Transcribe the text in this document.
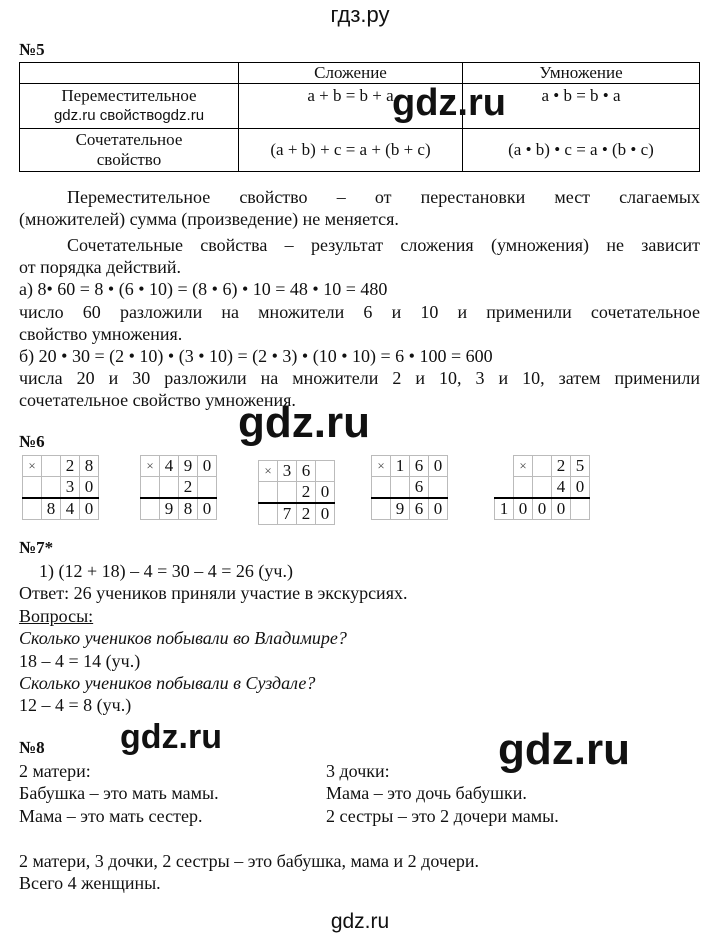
гдз.ру
№5
	Сложение	Умножение

Переместительное
gdz.ru свойствоgdz.ru	a + b = b + a	a • b = b • a

Сочетательное
свойство	(a + b) + c = a + (b + c)	(a • b) • c = a • (b • c)
gdz.ru
Переместительное свойство – от перестановки мест слагаемых
(множителей) сумма (произведение) не меняется.
Сочетательные свойства – результат сложения (умножения) не зависит
от порядка действий.
а) 8• 60 = 8 • (6 • 10) = (8 • 6) • 10 = 48 • 10 = 480
число 60 разложили на множители 6 и 10 и применили сочетательное
свойство умножения.
б) 20 • 30 = (2 • 10) • (3 • 10) = (2 • 3) • (10 • 10) = 6 • 100 = 600
числа 20 и 30 разложили на множители 2 и 10, 3 и 10, затем применили
сочетательное свойство умножения.
gdz.ru
№6
×		2	8
		3	0
	8	4	0
×	4	9	0
		2	
	9	8	0
×	3	6	
		2	0
	7	2	0
×	1	6	0
		6	
	9	6	0
	×		2	5
			4	0
1	0	0	0	
№7*
1) (12 + 18) – 4 = 30 – 4 = 26 (уч.)
Ответ: 26 учеников приняли участие в экскурсиях.
Вопросы:
Сколько учеников побывали во Владимире?
18 – 4 = 14 (уч.)
Сколько учеников побывали в Суздале?
12 – 4 = 8 (уч.)
№8 gdz.ru	gdz.ru
2 матери:
Бабушка – это мать мамы.
Мама – это мать сестер.
3 дочки:
Мама – это дочь бабушки.
2 сестры – это 2 дочери мамы.
2 матери, 3 дочки, 2 сестры – это бабушка, мама и 2 дочери.
Всего 4 женщины.
gdz.ru
